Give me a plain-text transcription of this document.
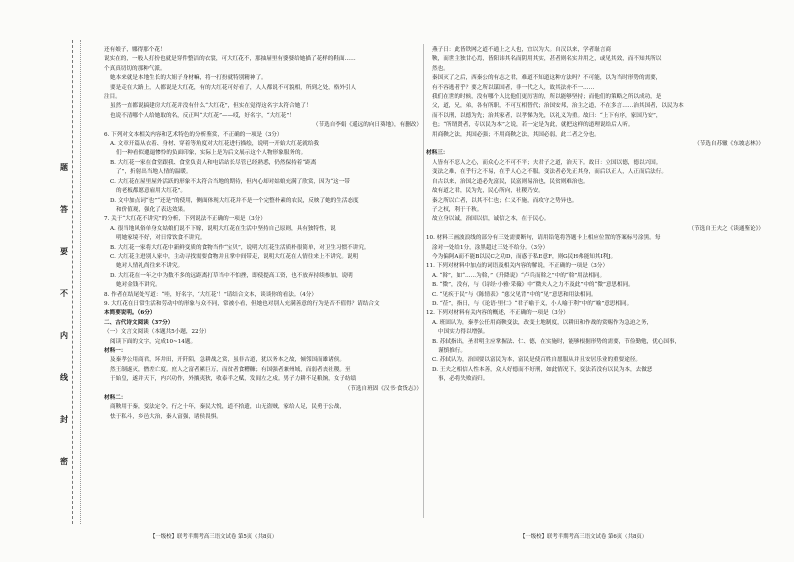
题
答
要
不
内
线
封
密
还有娘子，娜得那个花！
说实在的，一般人打扮也就是穿件整洁的衣裳，可大红花不，那抽屉里有婆婆给她描了花样的鞋面……
个真真切切的那种气派。
她本来就是本地生长的大姐子身材嘛，将一打扮就特别精神了。
要是走在大路上，人都说是大红花，有的大红花可好看了，人人都说不可貌相，所到之处，格外引人
注目。
虽然一直都说搞建房大红花并没有什么“大红花”，但实在觉得这名字太符合她了！
也说不清哪个人给她取的名，反正叫“大红花”——哎，好名字，“大红花”！
（节选自李娟《遥远的向日葵地》，有删改）
6. 下列对文本相关内容和艺术特色的分析鉴赏，不正确的一项是（3分）
A. 文章开篇从衣着、身材、穿着等角度对大红花进行描绘，说明一开始大红花就给我
们一种看似邋遢惨怜的负面印象，实际上是为后文展示这个人物形象服务的。
B. 大红花一家在食堂跟我、食堂负责人和电话站长尽管已经熟悉，仍然保持着“距离
了”，折射出当地人情的温暖。
C. 大红花在屋里屋外活跃的形象不太符合当地的期待，但内心却对姑娘充满了欣赏，因为“这一带
的老板都愿意雇用大红花”。
D. 文中加点词“也”“还是”的使用，侧面体现大红花并不是一个完整朴素的农民，反映了她的生活态度
和价值观，强化了表达效果。
7. 关于“大红花不讲究”的分析，下列说法不正确的一项是（3分）
A. 很当地风俗单身女姑娘们说不下嫁，说明大红花在生活中坚持自己原则，具有独特性，说
明她家境不好，对日常饮食不讲究。
B. 大红花一家将大红花中新鲜变质的食物当作“宝贝”，说明大红花生活质朴很简单，对卫生习惯不讲究。
C. 大红花主进别人家中，主动寻找需要食物并且掌中间带走，说明大红花在人情往来上不讲究。说明
她对人情礼尚往来不讲究。
D. 大红花在一年之中为数不多的远距离打草当中不怕挫，即使提高工资，也不放弃持续参加，说明
她对金钱不讲究。
8. 作者在结尾处写道：“哇，好名字，‘大红花’！”请结合文本，谈谈你的看法。（4分）
9. 大红花在日常生活和劳动中的形象与众不同，常被小看，但她也对别人充满善意的行为是否不值得？请结合文
本简要说明。（6分）
二、古代诗文阅读（37分）
（一）文言文阅读（本题共5小题，22分）
阅读下面的文字，完成10~14题。
材料一：
及秦孝公用商君，坏井田，开阡陌，急耕战之赏，虽非古道，犹以务本之故，倾邻国而雄诸侯。
然王制遂灭，僭差亡度。庶人之富者累巨万，而贫者食糟糠；有国强者兼州域，而弱者丧社稷。至
于始皇，遂并天下，内兴功作，外攘夷狄，收泰半之赋，发闾左之戍。男子力耕不足粮饷，女子纺绩
（节选自班固《汉书·食货志》）
材料二：
商鞅用于秦，变法定令，行之十年，秦民大悦，道不拾遗，山无盗贼，家给人足，民勇于公战，
怯于私斗，乡邑大治，秦人富强，诸侯畏惧。
燕子日：此皆铁网之道不通上之人也，宜以为大。自汉以来，学者耻言商
鞅，而世主独甘心焉，皆阳讳其名而阴用其实，甚者则名实并用之，或见其效，而不知其所以
然也。
秦国灭了之后，西秦公的有志之君，难道不知道这种方法吗？不可能，以为当时形势的需要，
有不容逃者乎？要之所以谋国者，非一代之人，故其法亦不一……
我们在世的时候，没有哪个人比他们更厉害的，所以能够坚持；而他们的策略之所以成功，是
父，道，兄，弟，各有所职，不可互相替代；治国安邦，治主之道，不在多言……治其国者，以民为本
而不以刑，以德为先；治其家者，以孝悌为先，以礼义为重。故曰：“上下有序，家国乃安”，
也；“所谓贤者，专以民为本”之说，若一定是为此，就把这样的道理说给后人听。
用商鞅之法，其国必强；不用商鞅之法，其国必弱，此二者之分也。
（节选自苏辙《东坡志林》）
材料三：
人皆有不忍人之心，而众心之不可不平；夫君子之道，治天下。故曰：立国以德，德以兴国。
变法之难，在乎行之不易，在乎人心之不服。变法者必先正其身，而后以正人，人正而后法行。
自古以来，治国之道必先富民，民富则易治也，民贫则难治也。
故有道之君，民为先，民心所向，社稷乃安。
秦之所以亡者，以其不仁也；仁义不施，而攻守之势异也。
子之权，利于千秋。
故立身以诚，治国以信，诚信之本，在于民心。
（节选自王夫之《读通鉴论》）
10. 材料三画波浪线的部分有三处需要断句，请用铅笔将答题卡上相应位置的答案标号涂黑。每
涂对一处给1分，涂黑超过三处不给分。（3分）
今为偏阿A而不能B以民C之功D，而惑于私E意F，则G民H弗能知其I利J。
11. 下列对材料中加点的词语及相关内容的解说，不正确的一项是（3分）
A. “斡”，如“……为斡，”《升降说》“卢兵而斡之”中的“斡”用法相同。
B. “微”，没有，与《诗经·小雅·采薇》中“微夫人之力不及此”中的“微”意思相同。
C. “见疾于民”与《陈情表》“慈父见背”中的“见”意思和用法相同。
D. “莅”，指日，与《论语·里仁》“君子喻于义，小人喻于利”中的“喻”意思相同。
12. 下列对材料有关内容的概述，不正确的一项是（3分）
A. 班固认为，秦孝公任用商鞅变法，改变土地制度，以耕田和作战的赏赐作为急迫之务，
中国实力得以增强。
B. 苏轼指出，圣君明主应掌握法、仁、德，在实施时，能够根据形势的需要，节俭勤勉，优心国事，
谨慎推行。
C. 苏轼认为，治国要以富民为本，富民是使百姓自愿服从并且安居乐业的重要途径。
D. 王夫之相信人性本善，众人好德而不好刑，如此情况下，变法若没有以民为本，去做恶
事，必将失败而归。
【一级校】联考半期考高三语文试卷 第5页（共8页）	【一级校】联考半期考高三语文试卷 第6页（共8页）
